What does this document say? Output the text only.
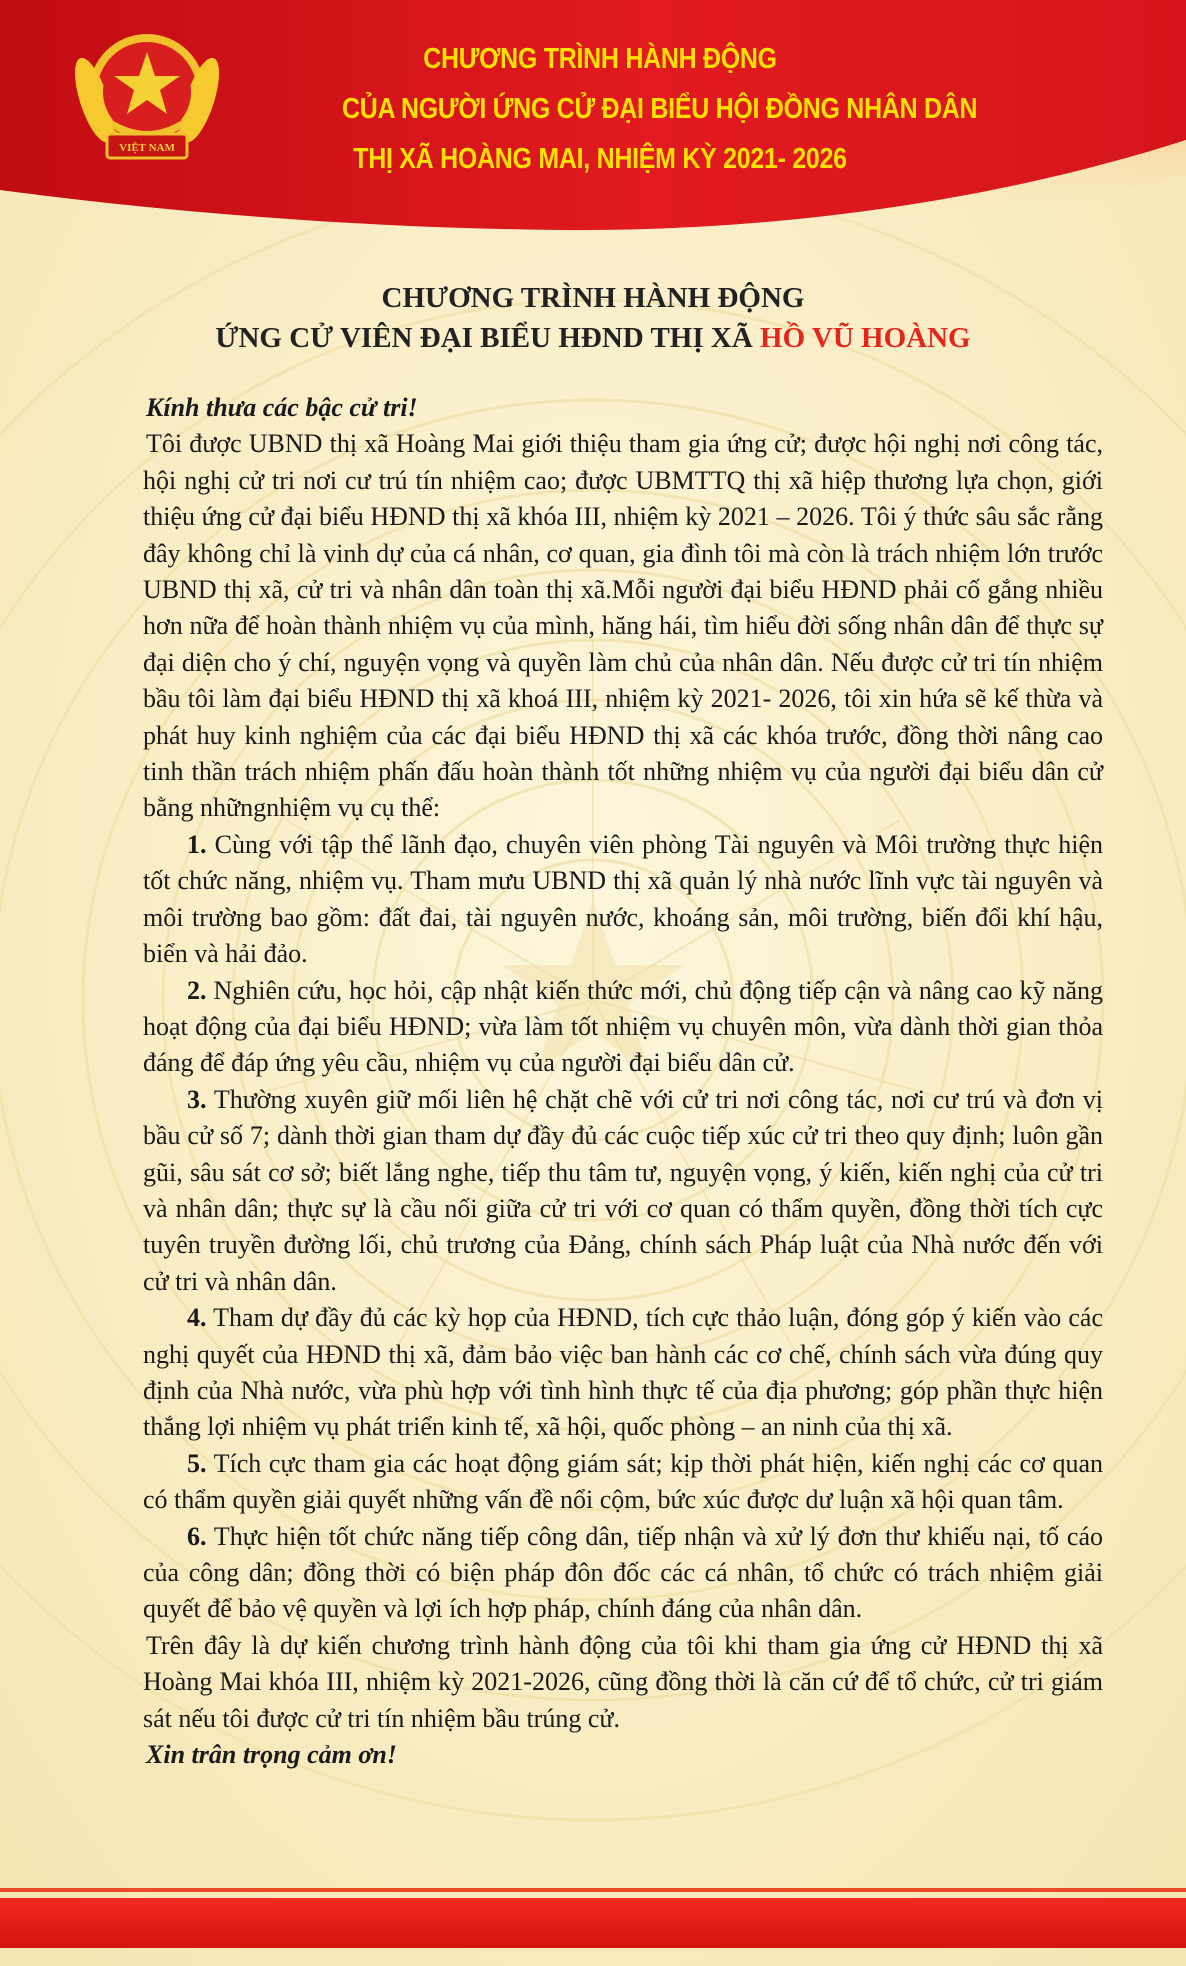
VIỆT NAM
CHƯƠNG TRÌNH HÀNH ĐỘNG
CỦA NGƯỜI ỨNG CỬ ĐẠI BIỂU HỘI ĐỒNG NHÂN DÂN
THỊ XÃ HOÀNG MAI, NHIỆM KỲ 2021- 2026
CHƯƠNG TRÌNH HÀNH ĐỘNG
ỨNG CỬ VIÊN ĐẠI BIỂU HĐND THỊ XÃ HỒ VŨ HOÀNG

Kính thưa các bậc cử tri!

Tôi được UBND thị xã Hoàng Mai giới thiệu tham gia ứng cử; được hội nghị nơi công tác, hội nghị cử tri nơi cư trú tín nhiệm cao; được UBMTTQ thị xã hiệp thương lựa chọn, giới thiệu ứng cử đại biểu HĐND thị xã khóa III, nhiệm kỳ 2021 – 2026. Tôi ý thức sâu sắc rằng đây không chỉ là vinh dự của cá nhân, cơ quan, gia đình tôi mà còn là trách nhiệm lớn trước UBND thị xã, cử tri và nhân dân toàn thị xã.Mỗi người đại biểu HĐND phải cố gắng nhiều hơn nữa để hoàn thành nhiệm vụ của mình, hăng hái, tìm hiểu đời sống nhân dân để thực sự đại diện cho ý chí, nguyện vọng và quyền làm chủ của nhân dân. Nếu được cử tri tín nhiệm bầu tôi làm đại biểu HĐND thị xã khoá III, nhiệm kỳ 2021- 2026, tôi xin hứa sẽ kế thừa và phát huy kinh nghiệm của các đại biểu HĐND thị xã các khóa trước, đồng thời nâng cao tinh thần trách nhiệm phấn đấu hoàn thành tốt những nhiệm vụ của người đại biểu dân cử bằng nhữngnhiệm vụ cụ thể:

1. Cùng với tập thể lãnh đạo, chuyên viên phòng Tài nguyên và Môi trường thực hiện tốt chức năng, nhiệm vụ. Tham mưu UBND thị xã quản lý nhà nước lĩnh vực tài nguyên và môi trường bao gồm: đất đai, tài nguyên nước, khoáng sản, môi trường, biến đổi khí hậu, biển và hải đảo.

2. Nghiên cứu, học hỏi, cập nhật kiến thức mới, chủ động tiếp cận và nâng cao kỹ năng hoạt động của đại biểu HĐND; vừa làm tốt nhiệm vụ chuyên môn, vừa dành thời gian thỏa đáng để đáp ứng yêu cầu, nhiệm vụ của người đại biểu dân cử.

3. Thường xuyên giữ mối liên hệ chặt chẽ với cử tri nơi công tác, nơi cư trú và đơn vị bầu cử số 7; dành thời gian tham dự đầy đủ các cuộc tiếp xúc cử tri theo quy định; luôn gần gũi, sâu sát cơ sở; biết lắng nghe, tiếp thu tâm tư, nguyện vọng, ý kiến, kiến nghị của cử tri và nhân dân; thực sự là cầu nối giữa cử tri với cơ quan có thẩm quyền, đồng thời tích cực tuyên truyền đường lối, chủ trương của Đảng, chính sách Pháp luật của Nhà nước đến với cử tri và nhân dân.

4. Tham dự đầy đủ các kỳ họp của HĐND, tích cực thảo luận, đóng góp ý kiến vào các nghị quyết của HĐND thị xã, đảm bảo việc ban hành các cơ chế, chính sách vừa đúng quy định của Nhà nước, vừa phù hợp với tình hình thực tế của địa phương; góp phần thực hiện thắng lợi nhiệm vụ phát triển kinh tế, xã hội, quốc phòng – an ninh của thị xã.

5. Tích cực tham gia các hoạt động giám sát; kịp thời phát hiện, kiến nghị các cơ quan có thẩm quyền giải quyết những vấn đề nổi cộm, bức xúc được dư luận xã hội quan tâm.

6. Thực hiện tốt chức năng tiếp công dân, tiếp nhận và xử lý đơn thư khiếu nại, tố cáo của công dân; đồng thời có biện pháp đôn đốc các cá nhân, tổ chức có trách nhiệm giải quyết để bảo vệ quyền và lợi ích hợp pháp, chính đáng của nhân dân.

Trên đây là dự kiến chương trình hành động của tôi khi tham gia ứng cử HĐND thị xã Hoàng Mai khóa III, nhiệm kỳ 2021-2026, cũng đồng thời là căn cứ để tổ chức, cử tri giám sát nếu tôi được cử tri tín nhiệm bầu trúng cử.

Xin trân trọng cảm ơn!
